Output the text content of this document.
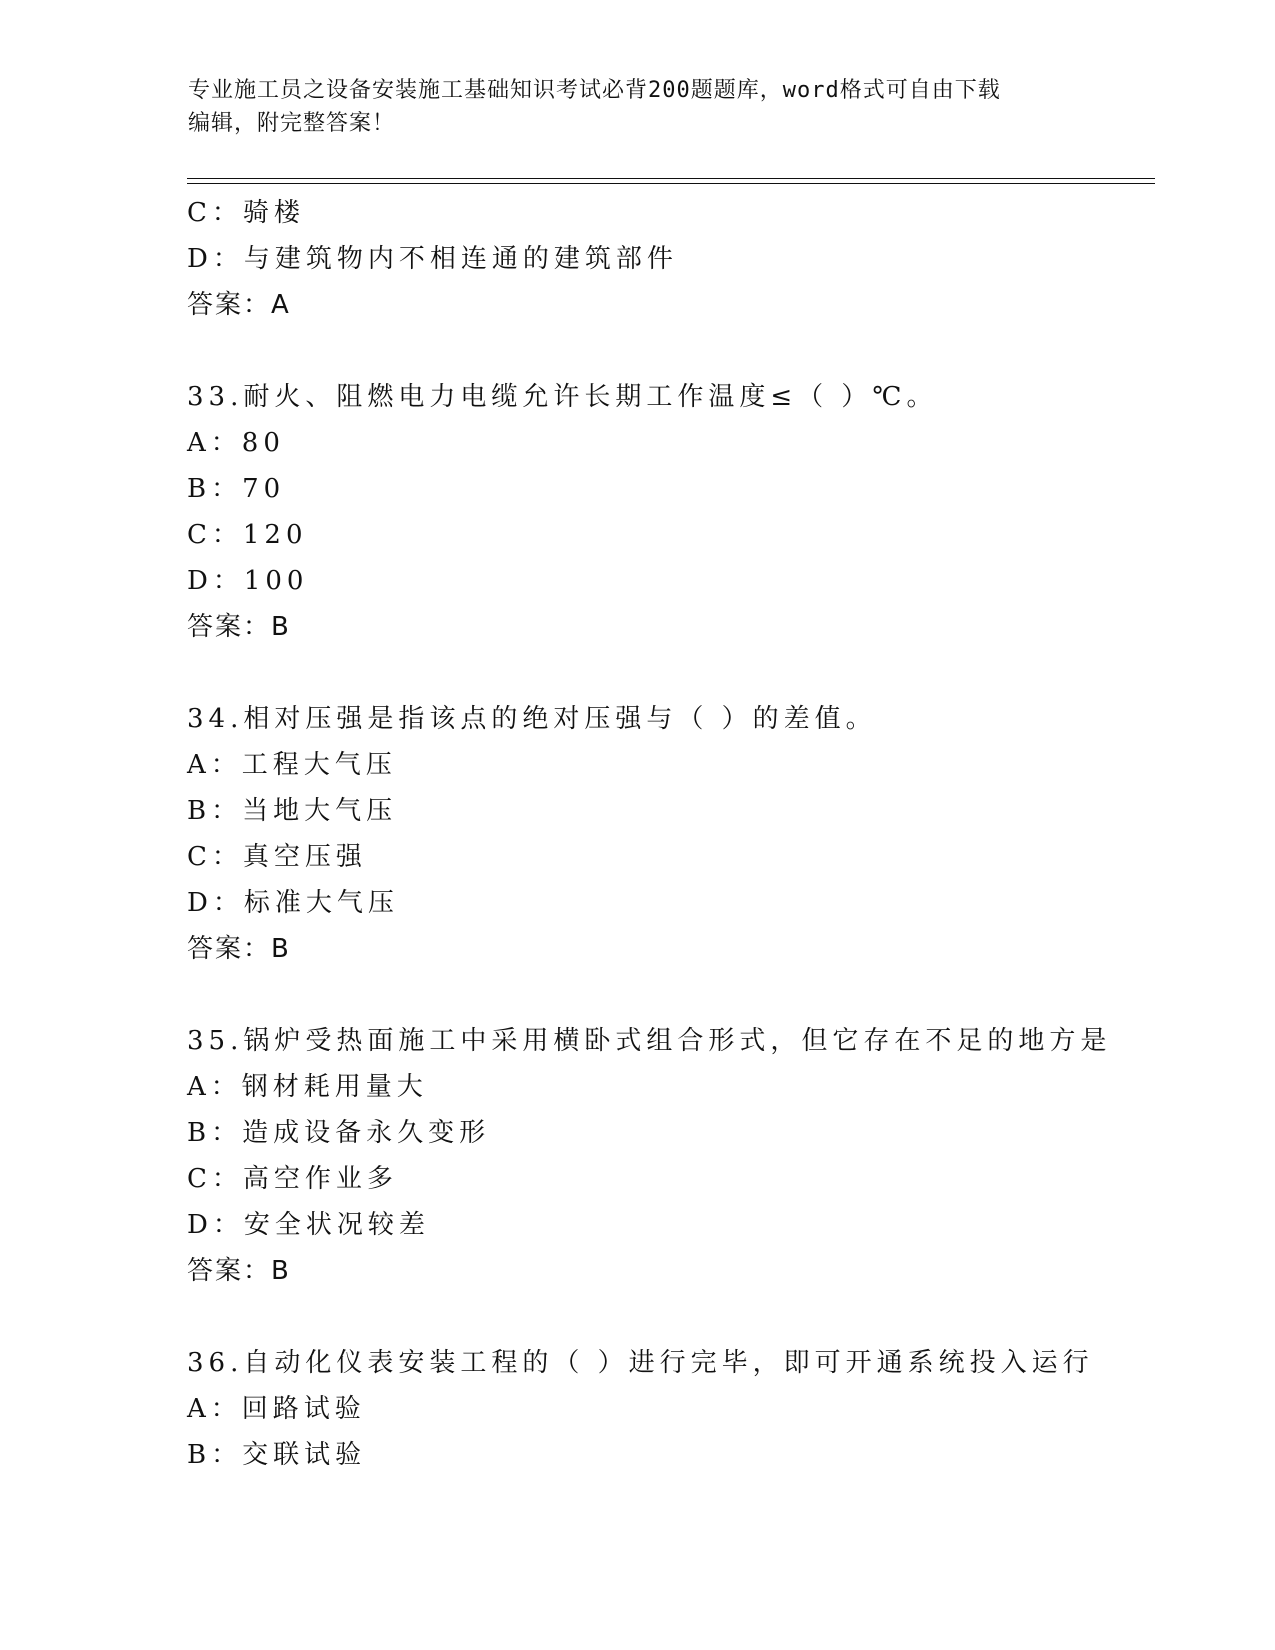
专业施工员之设备安装施工基础知识考试必背200题题库，word格式可自由下载
编辑，附完整答案！
C：骑楼
D：与建筑物内不相连通的建筑部件
答案：A
33.耐火、阻燃电力电缆允许长期工作温度≤（ ）℃。
A：80
B：70
C：120
D：100
答案：B
34.相对压强是指该点的绝对压强与（ ）的差值。
A：工程大气压
B：当地大气压
C：真空压强
D：标准大气压
答案：B
35.锅炉受热面施工中采用横卧式组合形式，但它存在不足的地方是
A：钢材耗用量大
B：造成设备永久变形
C：高空作业多
D：安全状况较差
答案：B
36.自动化仪表安装工程的（ ）进行完毕，即可开通系统投入运行
A：回路试验
B：交联试验
